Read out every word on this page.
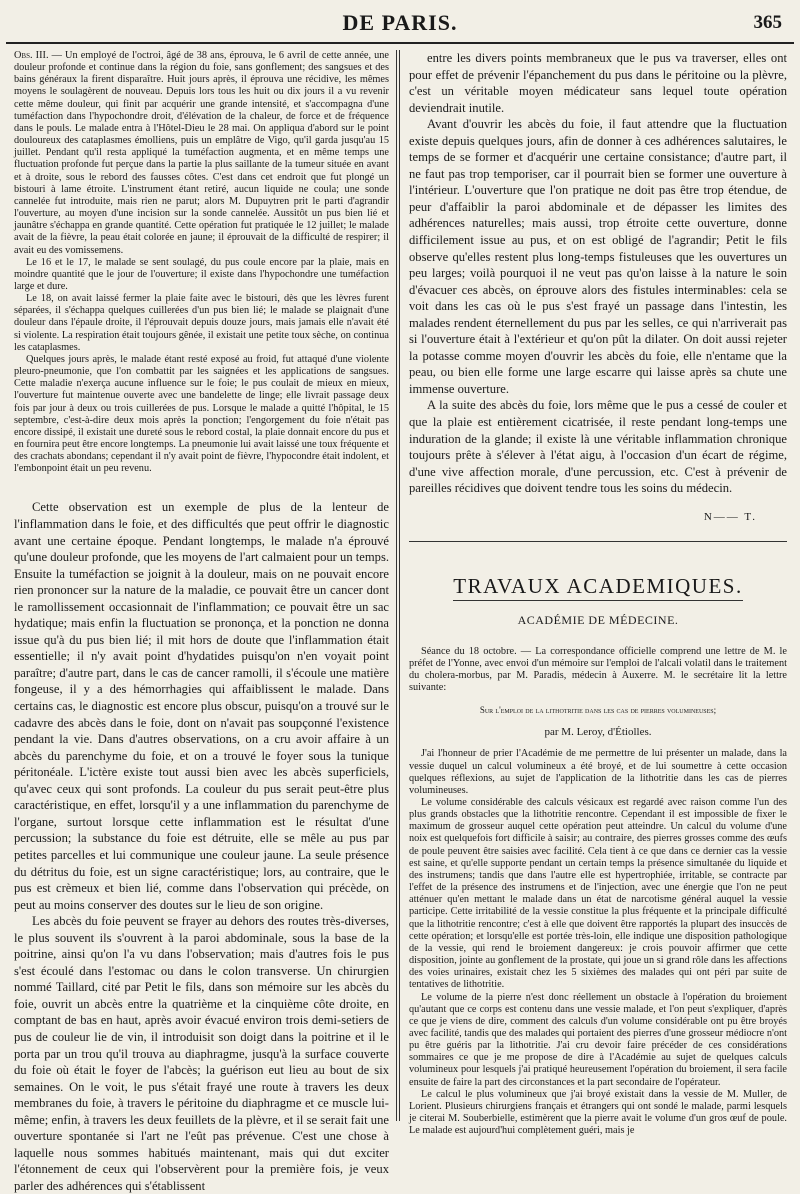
DE PARIS.	365

Obs. III. — Un employé de l'octroi, âgé de 38 ans, éprouva, le 6 avril de cette année, une douleur profonde et continue dans la région du foie, sans gonflement; des sangsues et des bains généraux la firent disparaître. Huit jours après, il éprouva une récidive, les mêmes moyens le soulagèrent de nouveau. Depuis lors tous les huit ou dix jours il a vu revenir cette même douleur, qui finit par acquérir une grande intensité, et s'accompagna d'une tuméfaction dans l'hypochondre droit, d'élévation de la chaleur, de force et de fréquence dans le pouls. Le malade entra à l'Hôtel-Dieu le 28 mai. On appliqua d'abord sur le point douloureux des cataplasmes émolliens, puis un emplâtre de Vigo, qu'il garda jusqu'au 15 juillet. Pendant qu'il resta appliqué la tuméfaction augmenta, et en même temps une fluctuation profonde fut perçue dans la partie la plus saillante de la tumeur située en avant et à droite, sous le rebord des fausses côtes. C'est dans cet endroit que fut plongé un bistouri à lame étroite. L'instrument étant retiré, aucun liquide ne coula; une sonde cannelée fut introduite, mais rien ne parut; alors M. Dupuytren prit le parti d'agrandir l'ouverture, au moyen d'une incision sur la sonde cannelée. Aussitôt un pus bien lié et jaunâtre s'échappa en grande quantité. Cette opération fut pratiquée le 12 juillet; le malade avait de la fièvre, la peau était colorée en jaune; il éprouvait de la difficulté de respirer; il avait eu des vomissemens.

Le 16 et le 17, le malade se sent soulagé, du pus coule encore par la plaie, mais en moindre quantité que le jour de l'ouverture; il existe dans l'hypochondre une tuméfaction large et dure.

Le 18, on avait laissé fermer la plaie faite avec le bistouri, dès que les lèvres furent séparées, il s'échappa quelques cuillerées d'un pus bien lié; le malade se plaignait d'une douleur dans l'épaule droite, il l'éprouvait depuis douze jours, mais jamais elle n'avait été si violente. La respiration était toujours gênée, il existait une petite toux sèche, on continua les cataplasmes.

Quelques jours après, le malade étant resté exposé au froid, fut attaqué d'une violente pleuro-pneumonie, que l'on combattit par les saignées et les applications de sangsues. Cette maladie n'exerça aucune influence sur le foie; le pus coulait de mieux en mieux, l'ouverture fut maintenue ouverte avec une bandelette de linge; elle livrait passage deux fois par jour à deux ou trois cuillerées de pus. Lorsque le malade a quitté l'hôpital, le 15 septembre, c'est-à-dire deux mois après la ponction; l'engorgement du foie n'était pas encore dissipé, il existait une dureté sous le rebord costal, la plaie donnait encore du pus et en fournira peut être encore longtemps. La pneumonie lui avait laissé une toux fréquente et des crachats abondans; cependant il n'y avait point de fièvre, l'hypocondre était indolent, et l'embonpoint était un peu revenu.

Cette observation est un exemple de plus de la lenteur de l'inflammation dans le foie, et des difficultés que peut offrir le diagnostic avant une certaine époque. Pendant longtemps, le malade n'a éprouvé qu'une douleur profonde, que les moyens de l'art calmaient pour un temps. Ensuite la tuméfaction se joignit à la douleur, mais on ne pouvait encore rien prononcer sur la nature de la maladie, ce pouvait être un cancer dont le ramollissement occasionnait de l'inflammation; ce pouvait être un sac hydatique; mais enfin la fluctuation se prononça, et la ponction ne donna issue qu'à du pus bien lié; il mit hors de doute que l'inflammation était essentielle; il n'y avait point d'hydatides puisqu'on n'en voyait point paraître; d'autre part, dans le cas de cancer ramolli, il s'écoule une matière fongeuse, il y a des hémorrhagies qui affaiblissent le malade. Dans certains cas, le diagnostic est encore plus obscur, puisqu'on a trouvé sur le cadavre des abcès dans le foie, dont on n'avait pas soupçonné l'existence pendant la vie. Dans d'autres observations, on a cru avoir affaire à un abcès du parenchyme du foie, et on a trouvé le foyer sous la tunique péritonéale. L'ictère existe tout aussi bien avec les abcès superficiels, qu'avec ceux qui sont profonds. La couleur du pus serait peut-être plus caractéristique, en effet, lorsqu'il y a une inflammation du parenchyme de l'organe, surtout lorsque cette inflammation est le résultat d'une percussion; la substance du foie est détruite, elle se mêle au pus par petites parcelles et lui communique une couleur jaune. La seule présence du détritus du foie, est un signe caractéristique; lors, au contraire, que le pus est crèmeux et bien lié, comme dans l'observation qui précède, on peut au moins conserver des doutes sur le lieu de son origine.

Les abcès du foie peuvent se frayer au dehors des routes très-diverses, le plus souvent ils s'ouvrent à la paroi abdominale, sous la base de la poitrine, ainsi qu'on l'a vu dans l'observation; mais d'autres fois le pus s'est écoulé dans l'estomac ou dans le colon transverse. Un chirurgien nommé Taillard, cité par Petit le fils, dans son mémoire sur les abcès du foie, ouvrit un abcès entre la quatrième et la cinquième côte droite, en comptant de bas en haut, après avoir évacué environ trois demi-setiers de pus de couleur lie de vin, il introduisit son doigt dans la poitrine et il le porta par un trou qu'il trouva au diaphragme, jusqu'à la surface couverte du foie où était le foyer de l'abcès; la guérison eut lieu au bout de six semaines. On le voit, le pus s'était frayé une route à travers les deux membranes du foie, à travers le péritoine du diaphragme et ce muscle lui-même; enfin, à travers les deux feuillets de la plèvre, et il se serait fait une ouverture spontanée si l'art ne l'eût pas prévenue. C'est une chose à laquelle nous sommes habitués maintenant, mais qui dut exciter l'étonnement de ceux qui l'observèrent pour la première fois, je veux parler des adhérences qui s'établissent

entre les divers points membraneux que le pus va traverser, elles ont pour effet de prévenir l'épanchement du pus dans le péritoine ou la plèvre, c'est un véritable moyen médicateur sans lequel toute opération deviendrait inutile.

Avant d'ouvrir les abcès du foie, il faut attendre que la fluctuation existe depuis quelques jours, afin de donner à ces adhérences salutaires, le temps de se former et d'acquérir une certaine consistance; d'autre part, il ne faut pas trop temporiser, car il pourrait bien se former une ouverture à l'intérieur. L'ouverture que l'on pratique ne doit pas être trop étendue, de peur d'affaiblir la paroi abdominale et de dépasser les limites des adhérences naturelles; mais aussi, trop étroite cette ouverture, donne difficilement issue au pus, et on est obligé de l'agrandir; Petit le fils observe qu'elles restent plus long-temps fistuleuses que les ouvertures un peu larges; voilà pourquoi il ne veut pas qu'on laisse à la nature le soin d'évacuer ces abcès, on éprouve alors des fistules interminables: cela se voit dans les cas où le pus s'est frayé un passage dans l'intestin, les malades rendent éternellement du pus par les selles, ce qui n'arriverait pas si l'ouverture était à l'extérieur et qu'on pût la dilater. On doit aussi rejeter la potasse comme moyen d'ouvrir les abcès du foie, elle n'entame que la peau, ou bien elle forme une large escarre qui laisse après sa chute une immense ouverture.

A la suite des abcès du foie, lors même que le pus a cessé de couler et que la plaie est entièrement cicatrisée, il reste pendant long-temps une induration de la glande; il existe là une véritable inflammation chronique toujours prête à s'élever à l'état aigu, à l'occasion d'un écart de régime, d'une vive affection morale, d'une percussion, etc. C'est à prévenir de pareilles récidives que doivent tendre tous les soins du médecin.

N—— T.
TRAVAUX ACADEMIQUES.
ACADÉMIE DE MÉDECINE.

Séance du 18 octobre. — La correspondance officielle comprend une lettre de M. le préfet de l'Yonne, avec envoi d'un mémoire sur l'emploi de l'alcali volatil dans le traitement du cholera-morbus, par M. Paradis, médecin à Auxerre. M. le secrétaire lit la lettre suivante:

Sur l'emploi de la lithotritie dans les cas de pierres volumineuses;
par M. Leroy, d'Étiolles.

J'ai l'honneur de prier l'Académie de me permettre de lui présenter un malade, dans la vessie duquel un calcul volumineux a été broyé, et de lui soumettre à cette occasion quelques réflexions, au sujet de l'application de la lithotritie dans les cas de pierres volumineuses.

Le volume considérable des calculs vésicaux est regardé avec raison comme l'un des plus grands obstacles que la lithotritie rencontre. Cependant il est impossible de fixer le maximum de grosseur auquel cette opération peut atteindre. Un calcul du volume d'une noix est quelquefois fort difficile à saisir; au contraire, des pierres grosses comme des œufs de poule peuvent être saisies avec facilité. Cela tient à ce que dans ce dernier cas la vessie est saine, et qu'elle supporte pendant un certain temps la présence simultanée du liquide et des instrumens; tandis que dans l'autre elle est hypertrophiée, irritable, se contracte par l'effet de la présence des instrumens et de l'injection, avec une énergie que l'on ne peut atténuer qu'en mettant le malade dans un état de narcotisme général auquel la vessie participe. Cette irritabilité de la vessie constitue la plus fréquente et la principale difficulté que la lithotritie rencontre; c'est à elle que doivent être rapportés la plupart des insuccès de cette opération; et lorsqu'elle est portée très-loin, elle indique une disposition pathologique de la vessie, qui rend le broiement dangereux: je crois pouvoir affirmer que cette disposition, jointe au gonflement de la prostate, qui joue un si grand rôle dans les affections des voies urinaires, existait chez les 5 sixièmes des malades qui ont péri par suite de tentatives de lithotritie.

Le volume de la pierre n'est donc réellement un obstacle à l'opération du broiement qu'autant que ce corps est contenu dans une vessie malade, et l'on peut s'expliquer, d'après ce que je viens de dire, comment des calculs d'un volume considérable ont pu être broyés avec facilité, tandis que des malades qui portaient des pierres d'une grosseur médiocre n'ont pu être guéris par la lithotritie. J'ai cru devoir faire précéder de ces considérations sommaires ce que je me propose de dire à l'Académie au sujet de quelques calculs volumineux pour lesquels j'ai pratiqué heureusement l'opération du broiement, il sera facile ensuite de faire la part des circonstances et la part secondaire de l'opérateur.

Le calcul le plus volumineux que j'ai broyé existait dans la vessie de M. Muller, de Lorient. Plusieurs chirurgiens français et étrangers qui ont sondé le malade, parmi lesquels je citerai M. Souberbielle, estimèrent que la pierre avait le volume d'un gros œuf de poule. Le malade est aujourd'hui complètement guéri, mais je
